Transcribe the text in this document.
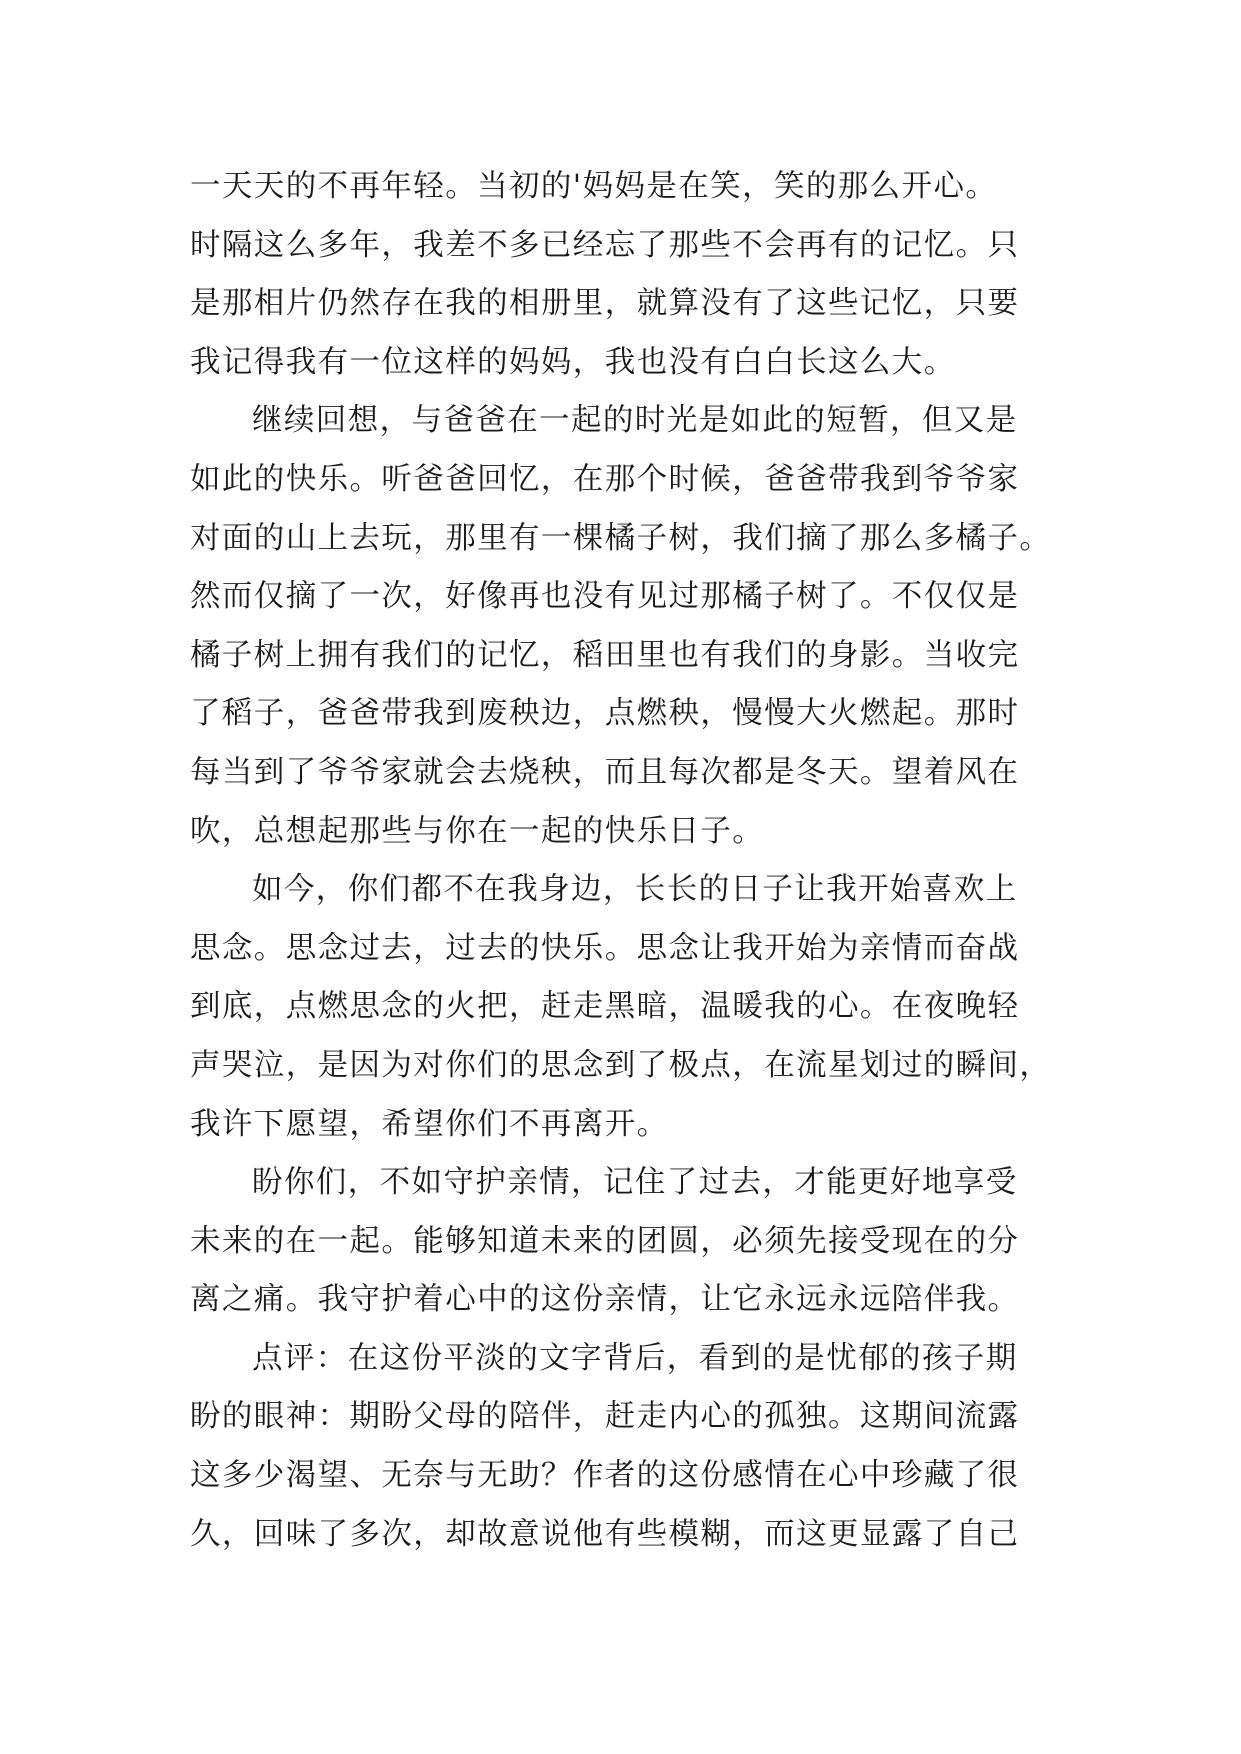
一天天的不再年轻。当初的'妈妈是在笑，笑的那么开心。
时隔这么多年，我差不多已经忘了那些不会再有的记忆。只
是那相片仍然存在我的相册里，就算没有了这些记忆，只要
我记得我有一位这样的妈妈，我也没有白白长这么大。
继续回想，与爸爸在一起的时光是如此的短暂，但又是
如此的快乐。听爸爸回忆，在那个时候，爸爸带我到爷爷家
对面的山上去玩，那里有一棵橘子树，我们摘了那么多橘子。
然而仅摘了一次，好像再也没有见过那橘子树了。不仅仅是
橘子树上拥有我们的记忆，稻田里也有我们的身影。当收完
了稻子，爸爸带我到废秧边，点燃秧，慢慢大火燃起。那时
每当到了爷爷家就会去烧秧，而且每次都是冬天。望着风在
吹，总想起那些与你在一起的快乐日子。
如今，你们都不在我身边，长长的日子让我开始喜欢上
思念。思念过去，过去的快乐。思念让我开始为亲情而奋战
到底，点燃思念的火把，赶走黑暗，温暖我的心。在夜晚轻
声哭泣，是因为对你们的思念到了极点，在流星划过的瞬间，
我许下愿望，希望你们不再离开。
盼你们，不如守护亲情，记住了过去，才能更好地享受
未来的在一起。能够知道未来的团圆，必须先接受现在的分
离之痛。我守护着心中的这份亲情，让它永远永远陪伴我。
点评：在这份平淡的文字背后，看到的是忧郁的孩子期
盼的眼神：期盼父母的陪伴，赶走内心的孤独。这期间流露
这多少渴望、无奈与无助？作者的这份感情在心中珍藏了很
久，回味了多次，却故意说他有些模糊，而这更显露了自己
